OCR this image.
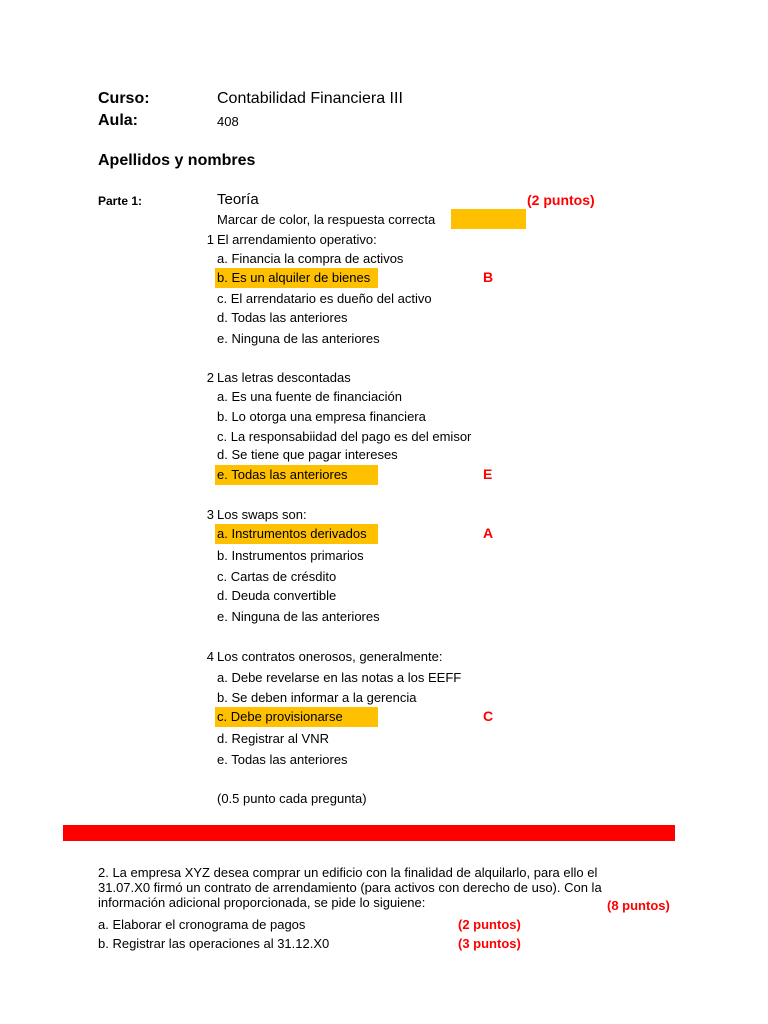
Curso:	Contabilidad Financiera III
Aula:	408
Apellidos y nombres
Parte 1:	Teoría	(2 puntos)
Marcar de color, la respuesta correcta
1 El arrendamiento operativo:
a. Financia la compra de activos
b. Es un alquiler de bienes
c. El arrendatario es dueño del activo
d. Todas las anteriores
e. Ninguna de las anteriores
B
2 Las letras descontadas
a. Es una fuente de financiación
b. Lo otorga una empresa financiera
c. La responsabiidad del pago es del emisor
d. Se tiene que pagar intereses
e. Todas las anteriores	E
3 Los swaps son:
a. Instrumentos derivados
b. Instrumentos primarios
c. Cartas de crésdito
d. Deuda convertible
e. Ninguna de las anteriores
A
4 Los contratos onerosos, generalmente:
a. Debe revelarse en las notas a los EEFF
b. Se deben informar a la gerencia
c. Debe provisionarse
d. Registrar al VNR
e. Todas las anteriores
C
(0.5 punto cada pregunta)
2. La empresa XYZ desea comprar un edificio con la finalidad de alquilarlo, para ello el
31.07.X0 firmó un contrato de arrendamiento (para activos con derecho de uso). Con la
información adicional proporcionada, se pide lo siguiene:	(8 puntos)
a. Elaborar el cronograma de pagos	(2 puntos)
b. Registrar las operaciones al 31.12.X0	(3 puntos)
